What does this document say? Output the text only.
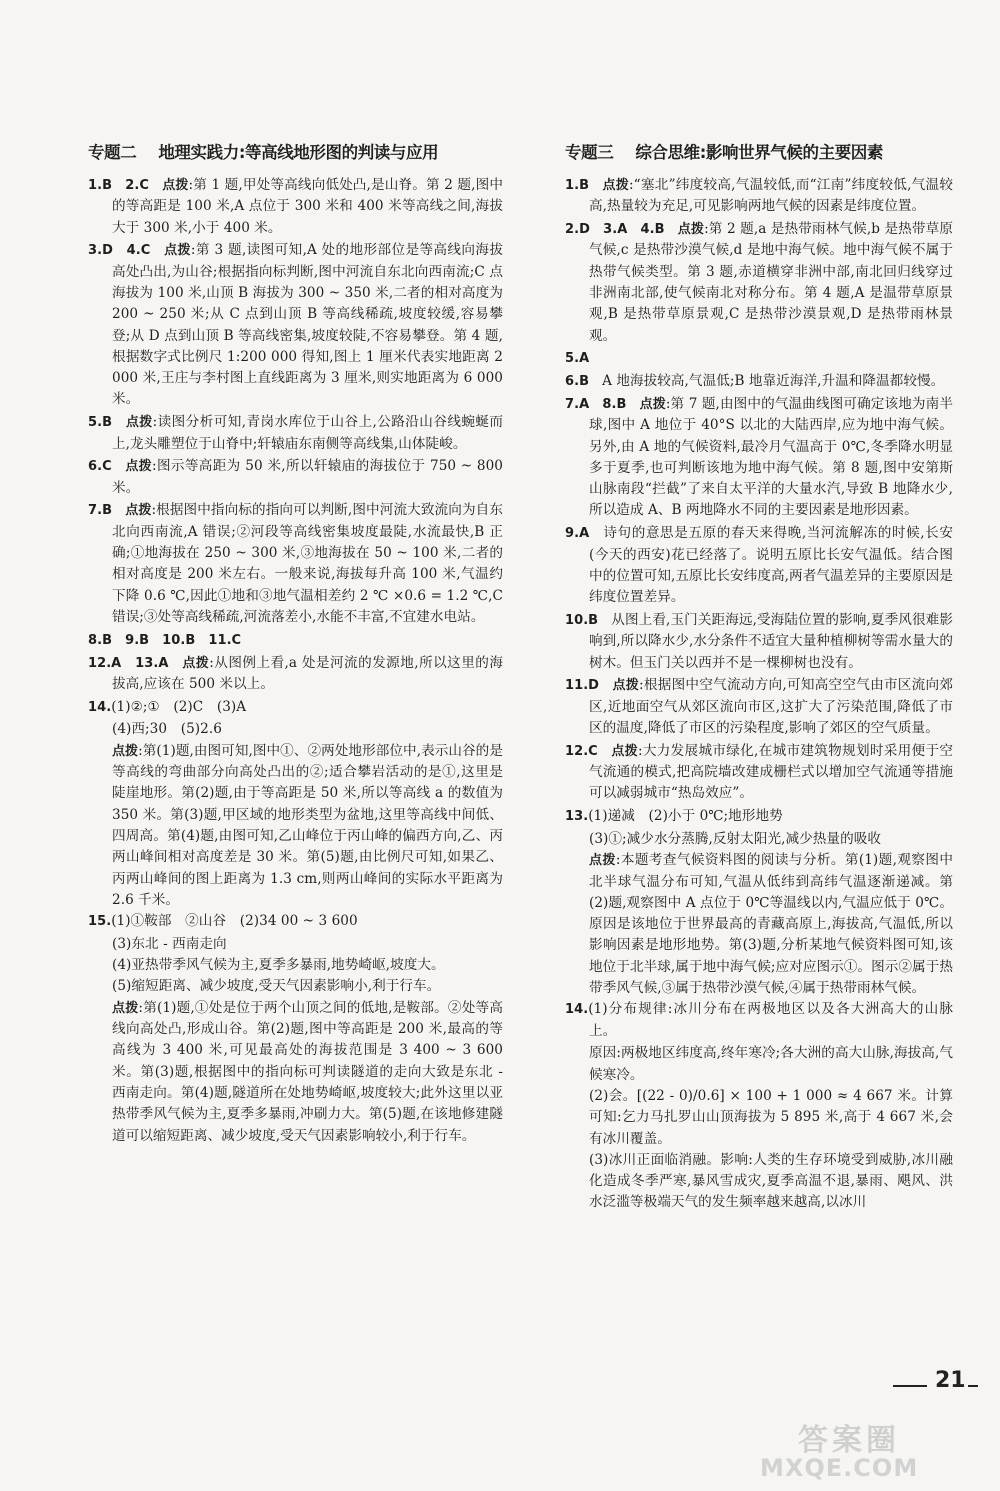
专题二 地理实践力:等高线地形图的判读与应用
1.B　2.C　点拨:第 1 题,甲处等高线向低处凸,是山脊。第 2 题,图中的等高距是 100 米,A 点位于 300 米和 400 米等高线之间,海拔大于 300 米,小于 400 米。
3.D　4.C　点拨:第 3 题,读图可知,A 处的地形部位是等高线向海拔高处凸出,为山谷;根据指向标判断,图中河流自东北向西南流;C 点海拔为 100 米,山顶 B 海拔为 300 ~ 350 米,二者的相对高度为 200 ~ 250 米;从 C 点到山顶 B 等高线稀疏,坡度较缓,容易攀登;从 D 点到山顶 B 等高线密集,坡度较陡,不容易攀登。第 4 题,根据数字式比例尺 1:200 000 得知,图上 1 厘米代表实地距离 2 000 米,王庄与李村图上直线距离为 3 厘米,则实地距离为 6 000 米。
5.B　点拨:读图分析可知,青岗水库位于山谷上,公路沿山谷线蜿蜒而上,龙头雕塑位于山脊中;轩辕庙东南侧等高线集,山体陡峻。
6.C　点拨:图示等高距为 50 米,所以轩辕庙的海拔位于 750 ~ 800 米。
7.B　点拨:根据图中指向标的指向可以判断,图中河流大致流向为自东北向西南流,A 错误;②河段等高线密集坡度最陡,水流最快,B 正确;①地海拔在 250 ~ 300 米,③地海拔在 50 ~ 100 米,二者的相对高度是 200 米左右。一般来说,海拔每升高 100 米,气温约下降 0.6 ℃,因此①地和③地气温相差约 2 ℃ ×0.6 = 1.2 ℃,C 错误;③处等高线稀疏,河流落差小,水能不丰富,不宜建水电站。
8.B　9.B　10.B　11.C
12.A　13.A　点拨:从图例上看,a 处是河流的发源地,所以这里的海拔高,应该在 500 米以上。
14.(1)②;①　(2)C　(3)A
(4)西;30　(5)2.6
点拨:第(1)题,由图可知,图中①、②两处地形部位中,表示山谷的是等高线的弯曲部分向高处凸出的②;适合攀岩活动的是①,这里是陡崖地形。第(2)题,由于等高距是 50 米,所以等高线 a 的数值为 350 米。第(3)题,甲区域的地形类型为盆地,这里等高线中间低、四周高。第(4)题,由图可知,乙山峰位于丙山峰的偏西方向,乙、丙两山峰间相对高度差是 30 米。第(5)题,由比例尺可知,如果乙、丙两山峰间的图上距离为 1.3 cm,则两山峰间的实际水平距离为 2.6 千米。
15.(1)①鞍部　②山谷　(2)34 00 ~ 3 600
(3)东北 - 西南走向
(4)亚热带季风气候为主,夏季多暴雨,地势崎岖,坡度大。
(5)缩短距离、减少坡度,受天气因素影响小,利于行车。
点拨:第(1)题,①处是位于两个山顶之间的低地,是鞍部。②处等高线向高处凸,形成山谷。第(2)题,图中等高距是 200 米,最高的等高线为 3 400 米,可见最高处的海拔范围是 3 400 ~ 3 600 米。第(3)题,根据图中的指向标可判读隧道的走向大致是东北 - 西南走向。第(4)题,隧道所在处地势崎岖,坡度较大;此外这里以亚热带季风气候为主,夏季多暴雨,冲刷力大。第(5)题,在该地修建隧道可以缩短距离、减少坡度,受天气因素影响较小,利于行车。
专题三 综合思维:影响世界气候的主要因素
1.B　点拨:“塞北”纬度较高,气温较低,而“江南”纬度较低,气温较高,热量较为充足,可见影响两地气候的因素是纬度位置。
2.D　3.A　4.B　点拨:第 2 题,a 是热带雨林气候,b 是热带草原气候,c 是热带沙漠气候,d 是地中海气候。地中海气候不属于热带气候类型。第 3 题,赤道横穿非洲中部,南北回归线穿过非洲南北部,使气候南北对称分布。第 4 题,A 是温带草原景观,B 是热带草原景观,C 是热带沙漠景观,D 是热带雨林景观。
5.A
6.B　A 地海拔较高,气温低;B 地靠近海洋,升温和降温都较慢。
7.A　8.B　点拨:第 7 题,由图中的气温曲线图可确定该地为南半球,图中 A 地位于 40°S 以北的大陆西岸,应为地中海气候。另外,由 A 地的气候资料,最冷月气温高于 0℃,冬季降水明显多于夏季,也可判断该地为地中海气候。第 8 题,图中安第斯山脉南段“拦截”了来自太平洋的大量水汽,导致 B 地降水少,所以造成 A、B 两地降水不同的主要因素是地形因素。
9.A　诗句的意思是五原的春天来得晚,当河流解冻的时候,长安(今天的西安)花已经落了。说明五原比长安气温低。结合图中的位置可知,五原比长安纬度高,两者气温差异的主要原因是纬度位置差异。
10.B　从图上看,玉门关距海远,受海陆位置的影响,夏季风很难影响到,所以降水少,水分条件不适宜大量种植柳树等需水量大的树木。但玉门关以西并不是一棵柳树也没有。
11.D　点拨:根据图中空气流动方向,可知高空空气由市区流向郊区,近地面空气从郊区流向市区,这扩大了污染范围,降低了市区的温度,降低了市区的污染程度,影响了郊区的空气质量。
12.C　点拨:大力发展城市绿化,在城市建筑物规划时采用便于空气流通的模式,把高院墙改建成栅栏式以增加空气流通等措施可以减弱城市“热岛效应”。
13.(1)递减　(2)小于 0℃;地形地势
(3)①;减少水分蒸腾,反射太阳光,减少热量的吸收
点拨:本题考查气候资料图的阅读与分析。第(1)题,观察图中北半球气温分布可知,气温从低纬到高纬气温逐渐递减。第(2)题,观察图中 A 点位于 0℃等温线以内,气温应低于 0℃。原因是该地位于世界最高的青藏高原上,海拔高,气温低,所以影响因素是地形地势。第(3)题,分析某地气候资料图可知,该地位于北半球,属于地中海气候;应对应图示①。图示②属于热带季风气候,③属于热带沙漠气候,④属于热带雨林气候。
14.(1)分布规律:冰川分布在两极地区以及各大洲高大的山脉上。
原因:两极地区纬度高,终年寒冷;各大洲的高大山脉,海拔高,气候寒冷。
(2)会。[(22 - 0)/0.6] × 100 + 1 000 ≈ 4 667 米。计算可知:乞力马扎罗山山顶海拔为 5 895 米,高于 4 667 米,会有冰川覆盖。
(3)冰川正面临消融。影响:人类的生存环境受到威胁,冰川融化造成冬季严寒,暴风雪成灾,夏季高温不退,暴雨、飓风、洪水泛滥等极端天气的发生频率越来越高,以冰川
21
答案圈
MXQE.COM
